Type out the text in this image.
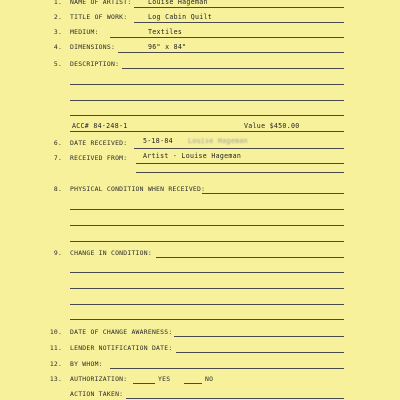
1. NAME OF ARTIST:	Louise Hageman
2. TITLE OF WORK:	Log Cabin Quilt
3. MEDIUM:	Textiles
4. DIMENSIONS:	96" x 84"
5. DESCRIPTION:
ACC# 84-248-1	Value $450.00
6. DATE RECEIVED: 5-18-84 Louise Hageman
7. RECEIVED FROM: Artist - Louise Hageman
8. PHYSICAL CONDITION WHEN RECEIVED:
9. CHANGE IN CONDITION:
10. DATE OF CHANGE AWARENESS:
11. LENDER NOTIFICATION DATE:
12. BY WHOM:
13. AUTHORIZATION:	YES	NO
ACTION TAKEN:
